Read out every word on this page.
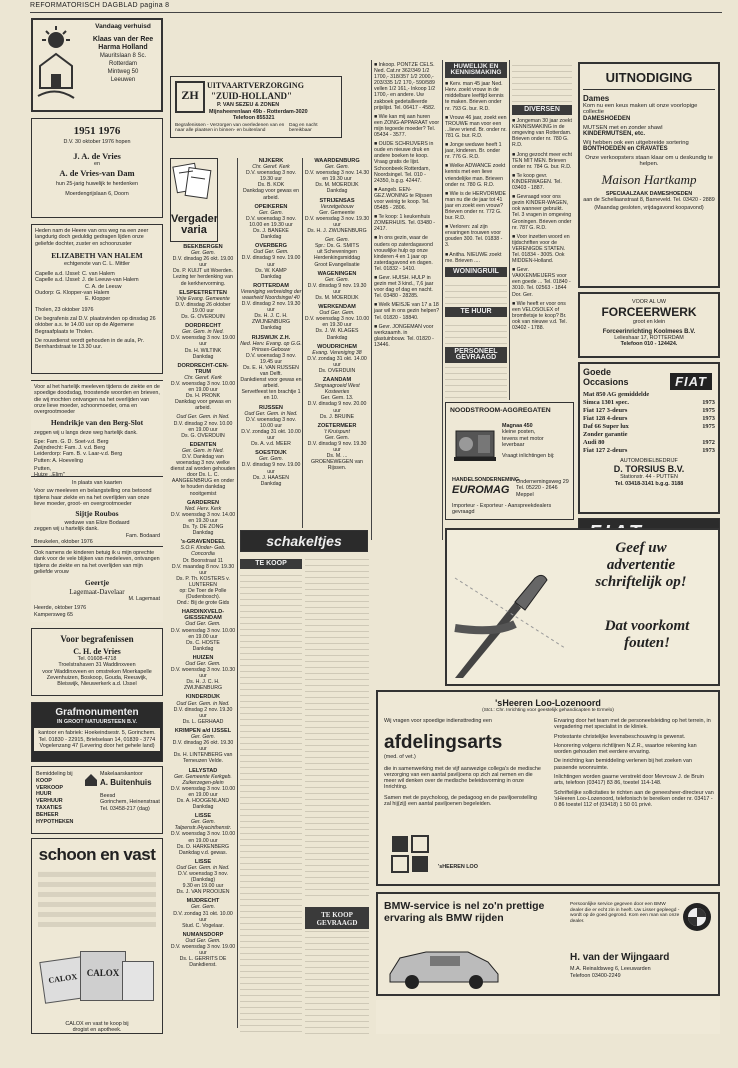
REFORMATORISCH DAGBLAD pagina 8
Vandaag verhuisd
Klaas van der Ree
Harma Holland
Mauritslaan 8 Sc.
Rotterdam
Mintweg 50
Leeuwen
1951 1976
D.V. 30 oktober 1976 hopen
J. A. de Vries
en
A. de Vries-van Dam
hun 25-jarig huwelijk te herdenken
Moerdengrijslaan 6, Doorn
Heden nam de Heere van ons weg na een zeer langdurig doch geduldig gedragen lijden onze geliefde dochter, zuster en schoonzuster
ELIZABETH VAN HALEM
echtgenote van C. L. Mittler
Capelle a.d. IJssel: C. van Halem
Capelle a.d. IJssel: J. de Leeuw-van Halem
C. A. de Leeuw
Oudorp: G. Klopper-van Halem
E. Klopper
Tholen, 23 oktober 1976
De begrafenis zal D.V. plaatsvinden op dinsdag 26 oktober a.s. te 14.00 uur op de Algemene Begraafplaats te Tholen.
De rouwdienst wordt gehouden in de aula, Pr. Bernhardstraat te 13.30 uur.
Voor al het hartelijk meeleven tijdens de ziekte en de spoedige doodsdag, troostende woorden en brieven, die wij mochten ontvangen na het overlijden van onze lieve moeder, schoonmoeder, oma en overgrootmoeder
Hendrikje van den Berg-Slot
zeggen wij u langs deze weg hartelijk dank.
Epe: Fam. G. D. Soet-v.d. Berg
Zwijndrecht: Fam. J. v.d. Berg
Leiderdorp: Fam. B. v. Laar-v.d. Berg
Putten: A. Hoeveling
Putten,
In plaats van kaarten
Voor uw meeleven en belangstelling ons betoond tijdens haar ziekte en na het overlijden van onze lieve moeder, groot- en overgrootmoeder
Sijtje Roubos
weduwe van Elize Bodaard
zeggen wij u hartelijk dank.
Fam. Bodaard
Breukelen, oktober 1976
Ook namens de kinderen betuig ik u mijn oprechte dank voor de vele blijken van medeleven, ontvangen tijdens de ziekte en na het overlijden van mijn geliefde vrouw
Geertje
Lagemaat-Davelaar
M. Lagemaat
Heerde, oktober 1976
Kampersweg 65
Voor begrafenissen
C. H. de Vries
Tel. 01608-4718
Troelstrahaven 31 Waddinxveen
voor Waddinxveen en omstreken Moerkapelle Zevenhuizen, Boskoop, Gouda, Reeuwijk, Bleiswijk, Nieuwerkerk a.d. IJssel
Grafmonumenten
IN GROOT NATUURSTEEN B.V.
kantoor en fabriek: Hoekeindsestr. 5, Gorinchem.
Tel. 01830 - 22915, Brielselaan 14, 01839 - 3774
Vogelenzang 47 (Levering door het gehele land)
Bemiddeling bij
KOOP
VERKOOP
HUUR
VERHUUR
TAXATIES
BEHEER
HYPOTHEKEN
Makelaarskantoor
A. Buitenhuis
Beesd
Gorinchem, Heinenstraat
Tel. 03458-217 (dag)
schoon en vast
CALOX	CALOX
CALOX en vast te koop bij
drogist en apotheek.
ZH
UITVAARTVERZORGING
"ZUID-HOLLAND"
P. VAN SEZEU & ZONEN
Mijnsheerenlaan 49b - Rotterdam-3020
Telefoon 855321
Begrafenissen - Verzorgen van overledenen van en naar alle plaatsen in binnen- en buitenland
Dag en nacht bereikbaar
Vergader varia
BEEKBERGEN
Ger. Gem.
D.V. dinsdag 26 okt. 19.00 uur
Ds. P. KUIJT uit Woerden.
Lezing ter herdenking van de kerkhervorming.
ELSPEETRETTEN
Vrije Evang. Gemeente
D.V. dinsdag 26 oktober 19.00 uur
Ds. G. OVERDUIN
DORDRECHT
Ger. Gem. in Ned.
D.V. woensdag 3 nov. 19.00 uur
Ds. H. WILTINK
Dankdag
DORDRECHT-CEN-TRUM
Chr. Geref. Kerk
D.V. woensdag 3 nov. 10.00 en 19.00 uur
Ds. H. PRONK
Dankdag voor gewas en arbeid.
Oud Ger. Gem. in Ned.
D.V. dinsdag 2 nov. 10.00 en 19.00 uur
Ds. G. OVERDUIN
EDENTEN
Ger. Gem. in Ned.
D.V. Dankdag van woensdag 3 nov. welke dienst zal worden gehouden door Ds. L. C. AANGEENBRUG en onder te houden dankdag
nooitgemist
GARDEREN
Ned. Herv. Kerk
D.V. woensdag 3 nov. 14.00 en 19.30 uur
Ds. Ty. DE ZONG
Dankdag
's-GRAVENDEEL
S.O.F. Kinder- Geb. Concordia
Dr. Boonstraat 11
D.V. maandag 8 nov. 19.30 uur
Ds. P. Th. KOSTERS v. LUNTEREN
op: De Toer de Polle (Oudenbosch).
Ond.: Bij de grote Gids
HARDINXVELD-GIESSENDAM
Oud Ger. Gem.
D.V. woensdag 3 nov. 10.00 en 19.00 uur
Ds. C. HOSTE
Dankdag
HUIZEN
Oud Ger. Gem.
D.V. woensdag 3 nov. 10.30 uur
Ds. H. J. C. H. ZWIJNENBURG
KINDERDIJK
Oud Ger. Gem. in Ned.
D.V. dinsdag 2 nov. 19.30 uur
Ds. L. GERHAAD
KRIMPEN a/d IJSSEL
Ger. Gem.
D.V. dinsdag 26 okt. 19.30 uur
Ds. H. LINTENBERG van Terneuzen Velde.
LELYSTAD
Ger. Gemeente Kerkgeb. Zuikerzegen-plein
D.V. woensdag 3 nov. 10.00 en 19.00 uur
Ds. A. HOOGENLAND
Dankdag
LISSE
Ger. Gem. Talpenstr./Hyacinthenstr.
D.V. woensdag 3 nov. 10.00 en 19.00 uur
Ds. D. HARKENBERG
Dankdag v.d. gewas.
LISSE
Oud Ger. Gem. in Ned.
D.V. woensdag 3 nov. (Dankdag)
9.30 en 19.00 uur
Ds. J. VAN PROOIJEN
MIJDRECHT
Ger. Gem.
D.V. zondag 31 okt. 10.00 uur
Stud. C. Vogelaar.
NUMANSDORP
Oud Ger. Gem.
D.V. woensdag 3 nov. 19.00 uur
Ds. L. GERRITS DE Dankdienst.
NIJKERK
Chr. Geref. Kerk
D.V. woensdag 3 nov. 19.30 uur
Ds. B. KOK
Dankdag voor gewas en arbeid.
OPEIKEREN
Ger. Gem.
D.V. woensdag 3 nov. 10.00 en 19.30 uur
Ds. J. BANEKE
Dankdag
OVERBERG
Oud Ger. Gem.
D.V. dinsdag 9 nov. 19.00 uur
Ds. W. KAMP
Dankdag
ROTTERDAM
Vereniging verbreiding der waarheid Noordsingel 40
D.V. dinsdag 2 nov. 19.30 uur
Ds. H. J. C. H. ZWIJNENBURG
Dankdag
RIJSWIJK Z.H.
Ned. Herv. Evang. op G.G. Prinses-Gebouw
D.V. woensdag 3 nov. 19.45 uur
Ds. E. H. VAN RIJSSEN van Delft.
Dankdienst voor gewas en arbeid.
Servetfeest ten brachtje 1 en 10.
RIJSSEN
Oud Ger. Gem. in Ned.
D.V. woensdag 3 nov. 10.00 uur
D.V. zondag 31 okt. 10.00 uur
Ds. A. v.d. MEER
SOESTDIJK
Ger. Gem.
D.V. dinsdag 9 nov. 19.00 uur
Ds. J. HAASEN
Dankdag
WAARDENBURG
Ger. Gem.
D.V. woensdag 3 nov. 14.30 en 19.30 uur
Ds. M. MOERDIJK
Dankdag
STRIJENSAS
Verzetgebouw
Ger. Gemeente
D.V. woensdag 3 nov. 19.30 uur
Ds. H. J. ZWIJNENBURG
Ger. Gem.
Spr.: Ds. G. SMITS
uit Scheveningen
Herdenkingsmiddag
Groot Evangelisatie
WAGENINGEN
Ger. Gem.
D.V. dinsdag 9 nov. 19.30 uur
Ds. M. MOERDIJK
WERKENDAM
Oud Ger. Gem.
D.V. woensdag 3 nov. 10.00 en 19.30 uur
Ds. J. W. KLAGES
Dankdag
WOUDRICHEM
Evang. Vereniging 38
D.V. zondag 31 okt. 14.00 uur
Ds. OVERDUIN
ZAANDAM
Singraagroeid West Kosteeries
Ger. Gem. 13.
D.V. dinsdag 9 nov. 20.00 uur
Ds. J. BRUINE
ZOETERMEER
't Kruispunt
Ger. Gem.
D.V. dinsdag 9 nov. 19.30 uur
Ds. M. ...
GROENEWEGEN van Rijssen.
schakeltjes
TE KOOP
TE KOOP GEVRAAGD

■ Inkoop. PONTZE CELS. Ned. Cat.nr 362/349 1/2 1700,- 318/357 1/2 2000,- 203/335 1/2 170,- 590/589 vellen 1/2 161,- Inkoop 1/2 1700,- en andere. Uw zakboek gedetailleerde prijslijst. Tel. 06417 - 4582.

■ Wie kan mij aan huren een ZONG-APPARAAT voor mijn tegoede moeder? Tel. 05434 - 3577.

■ OUDE SCHRIJVERS in oude en nieuwe druk en andere boeken te koop. Vraag gratis de lijst. Schoonbeek Rotterdam, Noordsingel. Tel. 010 - 24350, b.g.g. 42447.

■ Aangeb. EEN-GEZ.WONING te Rijssen voor weinig te koop. Tel. 05485 - 2806.

■ Te koop: 1 keukenhuis ZOMERHUIS. Tel. 03480 - 2417.

■ In ons gezin, waar de ouders op zaterdagavond vrouwlijke hulp op onze kinderen 4 en 1 jaar op zaterdagavond en dagen. Tel. 01832 - 1410.

■ Gevr. HUISH. HULP in gezin met 3 kind., 7,6 jaar voor dag of dag en nacht. Tel. 03480 - 28285.

■ Welk MEISJE van 17 a 18 jaar wil in ons gezin helpen? Tel. 01820 - 18840.

■ Gevr. JONGEMAN voor werkzaamh. in glastuinbouw. Tel. 01820 - 13446.

HUWELIJK EN KENNISMAKING

■ Kerv. man 45 jaar Ned. Herv. zoekt vrouw in de middelbare leeftijd kennis te maken. Brieven onder nr. 793 G. bur. R.D.

■ Vrouw 46 jaar, zoekt een TROUWE man voor een ...lieve vriend. Br. onder nr. 781 G. bur. R.D.

■ Jonge weduwe heeft 1 jaar, kinderen. Br. onder nr. 776 G. R.D.

■ Welke ADWANCE zoekt kennis met een lieve vriendelijke man. Brieven onder nr. 780 G. R.D.

■ Wie is de HERVORMDE man nu die de jaar tot 41 jaar en zoekt een vrouw? Brieven onder nr. 772 G. bur. R.D.

■ Verloren: zal zijn ervaringen trouwen voor gouden 300. Tel. 01838 - 3.

■ Anitha. NIEUWE zoekt me. Brieven ....

WONINGRUIL
TE HUUR
PERSONEEL GEVRAAGD
DIVERSEN

■ Jongeman 30 jaar zoekt KENNISMAKING in de omgeving van Rotterdam. Brieven onder nr. 780 G. R.D.

■ Jong gezocht meer echt TEN MIT MEN. Brieven onder nr. 784 G. bur. R.D.

■ Te koop gevr. KINDERWAGEN. Tel. 03403 - 1887.

■ Gevraagd voor ons gezin KINDER-WAGEN, ook wanneer gebruikt. Tel. 3 vragen in omgeving Groningen. Brieven onder nr. 787 G. R.D.

■ Voor inzetten woord en tijdschriften voor de VERENIGDE STATEN. Tel. 01834 - 3005. Ook MIDDEN-Holland.

■ Gevr. VAKKENMEIJERS voor een goede ... Tel. 01840 - 3010. Tel. 02563 - 1844 Dor. Ger.

■ Wie heeft er voor ons een VELOSOLEX of bromfietsje te koop? Br. ook van nieuwe v.d. Tel. 03402 - 1788.

UITNODIGING
Dames
Kom nu een keus maken uit onze voorlopige collectie
DAMESHOEDEN
MUTSEN met en zonder shawl
KINDERMUTSEN, etc.
Wij hebben ook een uitgebreide sortering
BONTHOEDEN en CRAVATES
Onze verkoopsters staan klaar om u deskundig te helpen.
Maison Hartkamp
SPECIAALZAAK DAMESHOEDEN
aan de Schellaanstraat 8, Barneveld. Tel. 03420 - 2889
(Maandag gesloten, vrijdagavond koopavond)
VOOR AL UW
FORCEERWERK
groot en klein
Forceerinrichting Koolmees B.V.
Lelieshaar 17, ROTTERDAM
Telefoon 010 - 124424.
Goede
Occasions	FIAT
Mat 850 AG gemiddelde
Simca 1301 spec.	1973
Fiat 127 3-deurs	1975
Fiat 128 4-deurs	1973
Daf 66 Super lux	1975
Zonder garantie
Audi 80	1972
Fiat 127 2-deurs	1973
AUTOMOBIELBEDRIJF
D. TORSIUS B.V.
Stationstr. 44 - PUTTEN
Tel. 03418-3141 b.g.g. 3188
NOODSTROOM-AGGREGATEN
Magnaa 450
kleine posten,
tevens met motor
leverbaar
Vraagt inlichtingen bij:
HANDELSONDERNEMING
EUROMAG
Ondernemingsweg 29 Tel. 05220 - 2646 Meppel
Importeur - Exporteur - Aanspreekdealers gevraagd
Geef uw
advertentie
schriftelijk op!
Dat voorkomt
fouten!
'sHeeren Loo-Lozenoord
(Stct.: Chr. Inrichting voor geestelijk gehandicapten te Ermelo)
Wij vragen voor spoedige indiensttreding een
afdelingsarts
(med. of vet.)
die in samenwerking met de vijf aanwezige collega's de medische verzorging van een aantal paviljoens op zich zal nemen en die meer wil denken over de medische beleidsvorming in onze Inrichting.
Samen met de psycholoog, de pedagoog en de paviljoenstelling zal hij(zij) een aantal paviljoenen begeleiden.
Ervaring door het team met de personeelsleiding op het terrein, in vergadering met specialist in de kliniek.
Protestante christelijke levensbeschouwing is gewenst.
Honorering volgens richtlijnen N.Z.R., waartoe rekening kan worden gehouden met eerdere ervaring.
De inrichting kan bemiddeling verlenen bij het zoeken van passende woonruimte.
Inlichtingen worden gaarne verstrekt door Mevrouw J. de Bruin arts, telefoon (03417) 83 86, toestel 114-148.
Schriftelijke sollicitaties te richten aan de geneesheer-directeur van 'sHeeren Loo-Lozenoord, telefonisch te bereiken onder nr. 03417 - 0 86 toestel 112 of (03418) 1 50 01 privé.
'sHEEREN LOO
BMW-service is nel zo'n prettige ervaring als BMW rijden
Persoonlijke service gegeven door een BMW dealer die er echt zin in heeft. Uw Lisser gepleegd - wordt op de goed gegrond. Kom een man van onze dealer.
H. van der Wijngaard
M.A. Reinaldsweg 6, Leeuwarden
Telefoon 03400-2249
